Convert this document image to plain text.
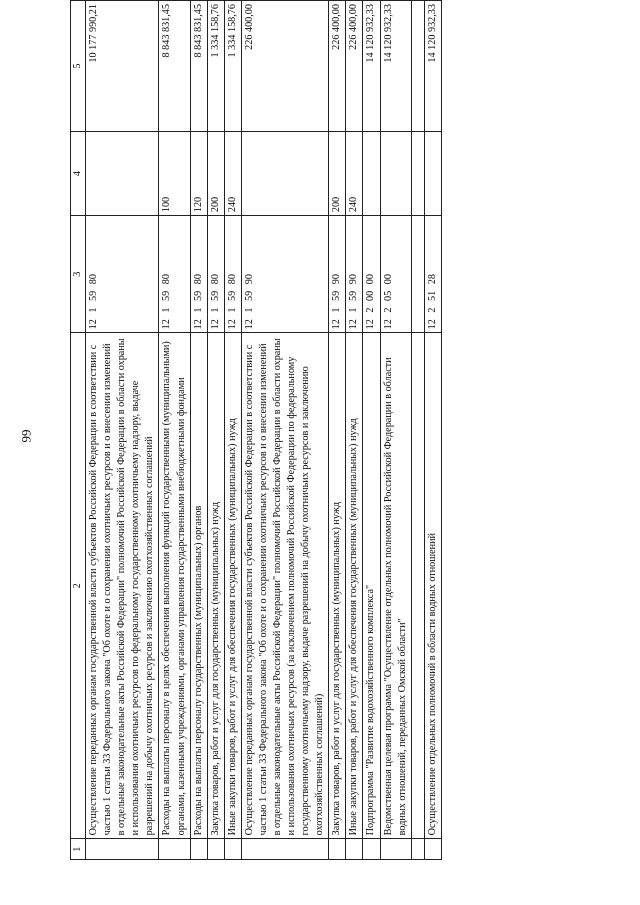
1	2	3	4	5
	Осуществление переданных органам государственной власти субъектов Российской Федерации в соответствии с частью 1 статьи 33 Федерального закона "Об охоте и о сохранении охотничьих ресурсов и о внесении изменений в отдельные законодательные акты Российской Федерации" полномочий Российской Федерации в области охраны и использования охотничьих ресурсов по федеральному государственному охотничьему надзору, выдаче разрешений на добычу охотничьих ресурсов и заключению охотхозяйственных соглашений	12 1 59 80		10 177 990,21
	Расходы на выплаты персоналу в целях обеспечения выполнения функций государственными (муниципальными) органами, казенными учреждениями, органами управления государственными внебюджетными фондами	12 1 59 80	100	8 843 831,45
	Расходы на выплаты персоналу государственных (муниципальных) органов	12 1 59 80	120	8 843 831,45
	Закупка товаров, работ и услуг для государственных (муниципальных) нужд	12 1 59 80	200	1 334 158,76
	Иные закупки товаров, работ и услуг для обеспечения государственных (муниципальных) нужд	12 1 59 80	240	1 334 158,76
	Осуществление переданных органам государственной власти субъектов Российской Федерации в соответствии с частью 1 статьи 33 Федерального закона "Об охоте и о сохранении охотничьих ресурсов и о внесении изменений в отдельные законодательные акты Российской Федерации" полномочий Российской Федерации в области охраны и использования охотничьих ресурсов (за исключением полномочий Российской Федерации по федеральному государственному охотничьему надзору, выдаче разрешений на добычу охотничьих ресурсов и заключению охотхозяйственных соглашений)	12 1 59 90		226 400,00
	Закупка товаров, работ и услуг для государственных (муниципальных) нужд	12 1 59 90	200	226 400,00
	Иные закупки товаров, работ и услуг для обеспечения государственных (муниципальных) нужд	12 1 59 90	240	226 400,00
	Подпрограмма "Развитие водохозяйственного комплекса"	12 2 00 00		14 120 932,33
	Ведомственная целевая программа "Осуществление отдельных полномочий Российской Федерации в области водных отношений, переданных Омской области"	12 2 05 00		14 120 932,33

	Осуществление отдельных полномочий в области водных отношений	12 2 51 28		14 120 932,33
99
